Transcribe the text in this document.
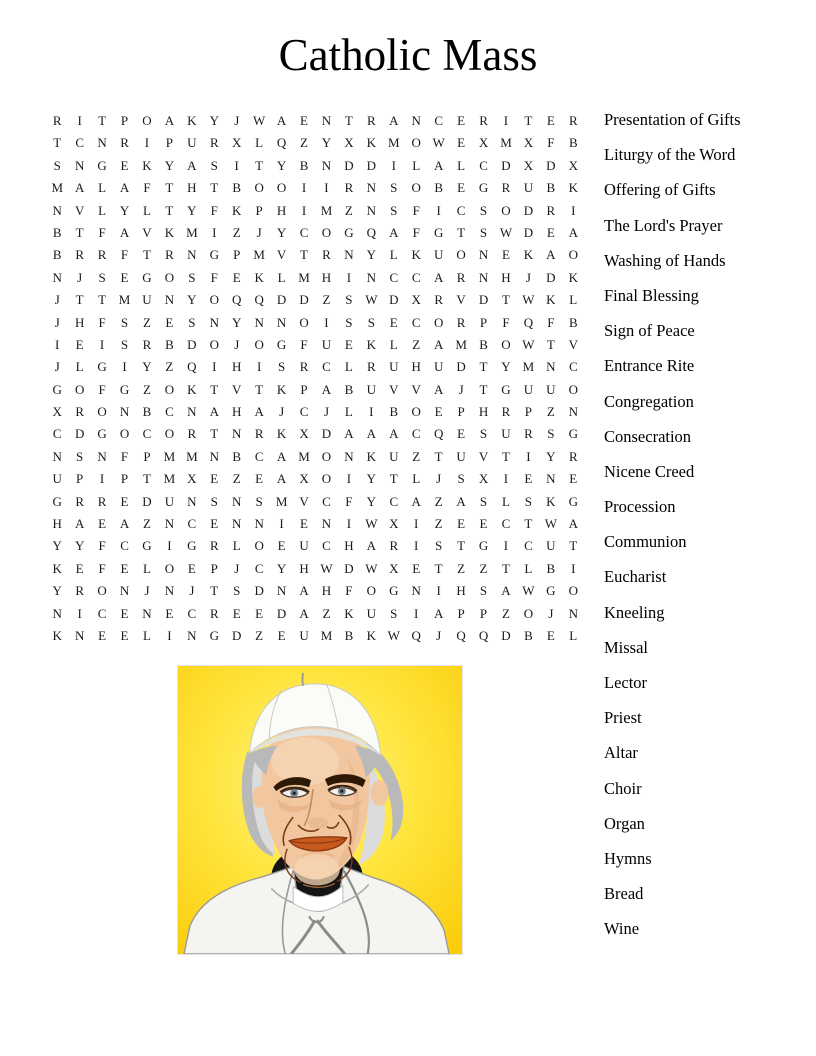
Catholic Mass
R	I	T	P	O	A	K	Y	J	W A	E	N	T	R	A	N	C	E	R	I	T	E	R
T	C	N	R	I	P	U	R	X	L	Q	Z	Y	X	K M O W E	X M X	F	B
S	N	G	E	K	Y	A	S	I	T	Y	B	N	D	D	I	L	A	L	C	D	X	D	X
M A	L	A	F	T	H	T	B	O	O	I	I	R	N	S	O	B	E	G	R	U	B	K
N	V	L	Y	L	T	Y	F	K	P	H	I	M Z	N	S	F	I	C	S	O	D	R	I
B	T	F	A	V	K M	I	Z	J	Y	C	O	G	Q	A	F	G	T	S W D	E	A
B	R	R	F	T	R	N	G	P	M V	T	R	N	Y	L	K	U	O	N	E	K	A	O
N	J	S	E	G	O	S	F	E	K	L M H	I	N	C	C	A	R	N	H	J	D	K
J	T	T M U	N	Y	O	Q	Q	D	D	Z	S W D	X	R	V	D	T W K	L
J	H	F	S	Z	E	S	N	Y	N	N	O	I	S	S	E	C	O	R	P	F	Q	F	B
I	E	I	S	R	B	D	O	J	O	G	F	U	E	K	L	Z	A M B	O W T	V
J	L	G	I	Y	Z	Q	I	H	I	S	R	C	L	R	U	H	U	D	T	Y M N	C
G	O	F	G	Z	O	K	T	V	T	K	P	A	B	U	V	V	A	J	T	G	U	U	O
X	R	O	N	B	C	N	A	H	A	J	C	J	L	I	B	O	E	P	H	R	P	Z	N
C	D	G	O	C	O	R	T	N	R	K	X	D	A	A	A	C	Q	E	S	U	R	S	G
N	S	N	F	P	M M N	B	C	A M O	N	K	U	Z	T	U	V	T	I	Y	R
U	P	I	P	T M X	E	Z	E	A	X	O	I	Y	T	L	J	S	X	I	E	N	E
G	R	R	E	D	U	N	S	N	S	M V	C	F	Y	C	A	Z	A	S	L	S	K	G
H	A	E	A	Z	N	C	E	N	N	I	E	N	I	W X	I	Z	E	E	C	T W A
Y	Y	F	C	G	I	G	R	L	O	E	U	C	H	A	R	I	S	T	G	I	C	U	T
K	E	F	E	L	O	E	P	J	C	Y	H W D W X	E	T	Z	Z	T	L	B	I
Y	R	O	N	J	N	J	T	S	D	N	A	H	F	O	G	N	I	H	S	A W G	O
N	I	C	E	N	E	C	R	E	E	D	A	Z	K	U	S	I	A	P	P	Z	O	J	N
K	N	E	E	L	I	N	G	D	Z	E	U M B	K W Q	J	Q	Q	D	B	E	L
Presentation of Gifts
Liturgy of the Word
Offering of Gifts
The Lord's Prayer
Washing of Hands
Final Blessing
Sign of Peace
Entrance Rite
Congregation
Consecration
Nicene Creed
Procession
Communion
Eucharist
Kneeling
Missal
Lector
Priest
Altar
Choir
Organ
Hymns
Bread
Wine
